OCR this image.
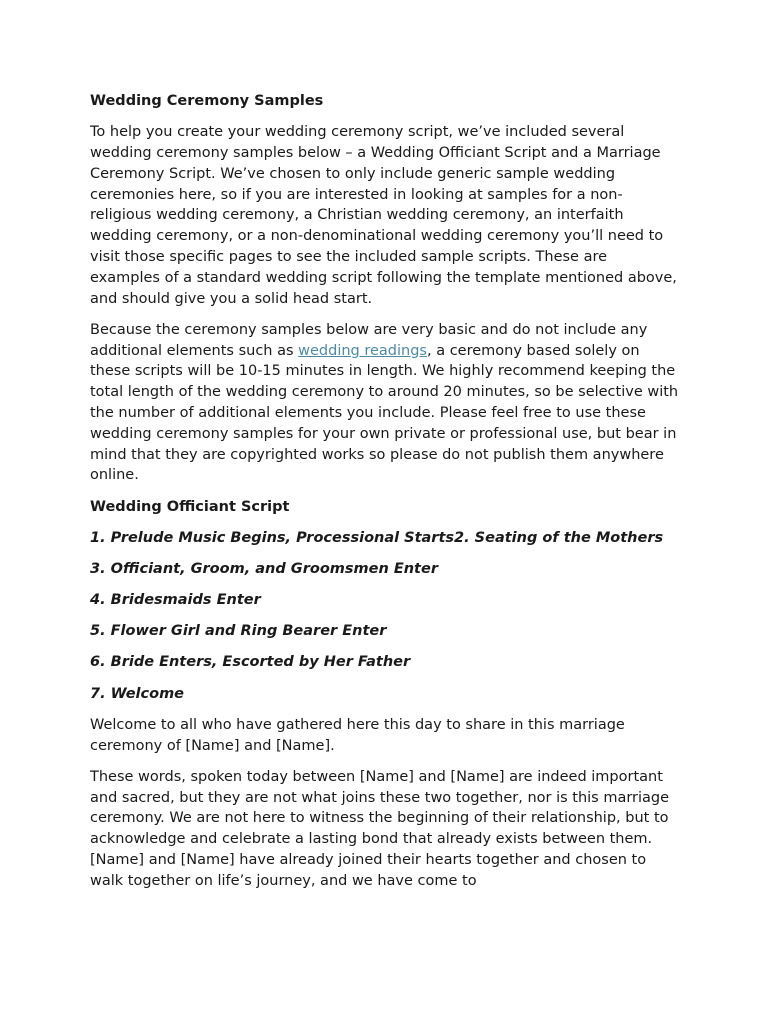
Wedding Ceremony Samples

To help you create your wedding ceremony script, we’ve included several wedding ceremony samples below – a Wedding Officiant Script and a Marriage Ceremony Script. We’ve chosen to only include generic sample wedding ceremonies here, so if you are interested in looking at samples for a non-religious wedding ceremony, a Christian wedding ceremony, an interfaith wedding ceremony, or a non-denominational wedding ceremony you’ll need to visit those specific pages to see the included sample scripts. These are examples of a standard wedding script following the template mentioned above, and should give you a solid head start.

Because the ceremony samples below are very basic and do not include any additional elements such as wedding readings, a ceremony based solely on these scripts will be 10-15 minutes in length. We highly recommend keeping the total length of the wedding ceremony to around 20 minutes, so be selective with the number of additional elements you include. Please feel free to use these wedding ceremony samples for your own private or professional use, but bear in mind that they are copyrighted works so please do not publish them anywhere online.

Wedding Officiant Script

1. Prelude Music Begins, Processional Starts2. Seating of the Mothers

3. Officiant, Groom, and Groomsmen Enter

4. Bridesmaids Enter

5. Flower Girl and Ring Bearer Enter

6. Bride Enters, Escorted by Her Father

7. Welcome

Welcome to all who have gathered here this day to share in this marriage ceremony of [Name] and [Name].

These words, spoken today between [Name] and [Name] are indeed important and sacred, but they are not what joins these two together, nor is this marriage ceremony. We are not here to witness the beginning of their relationship, but to acknowledge and celebrate a lasting bond that already exists between them. [Name] and [Name] have already joined their hearts together and chosen to walk together on life’s journey, and we have come to
